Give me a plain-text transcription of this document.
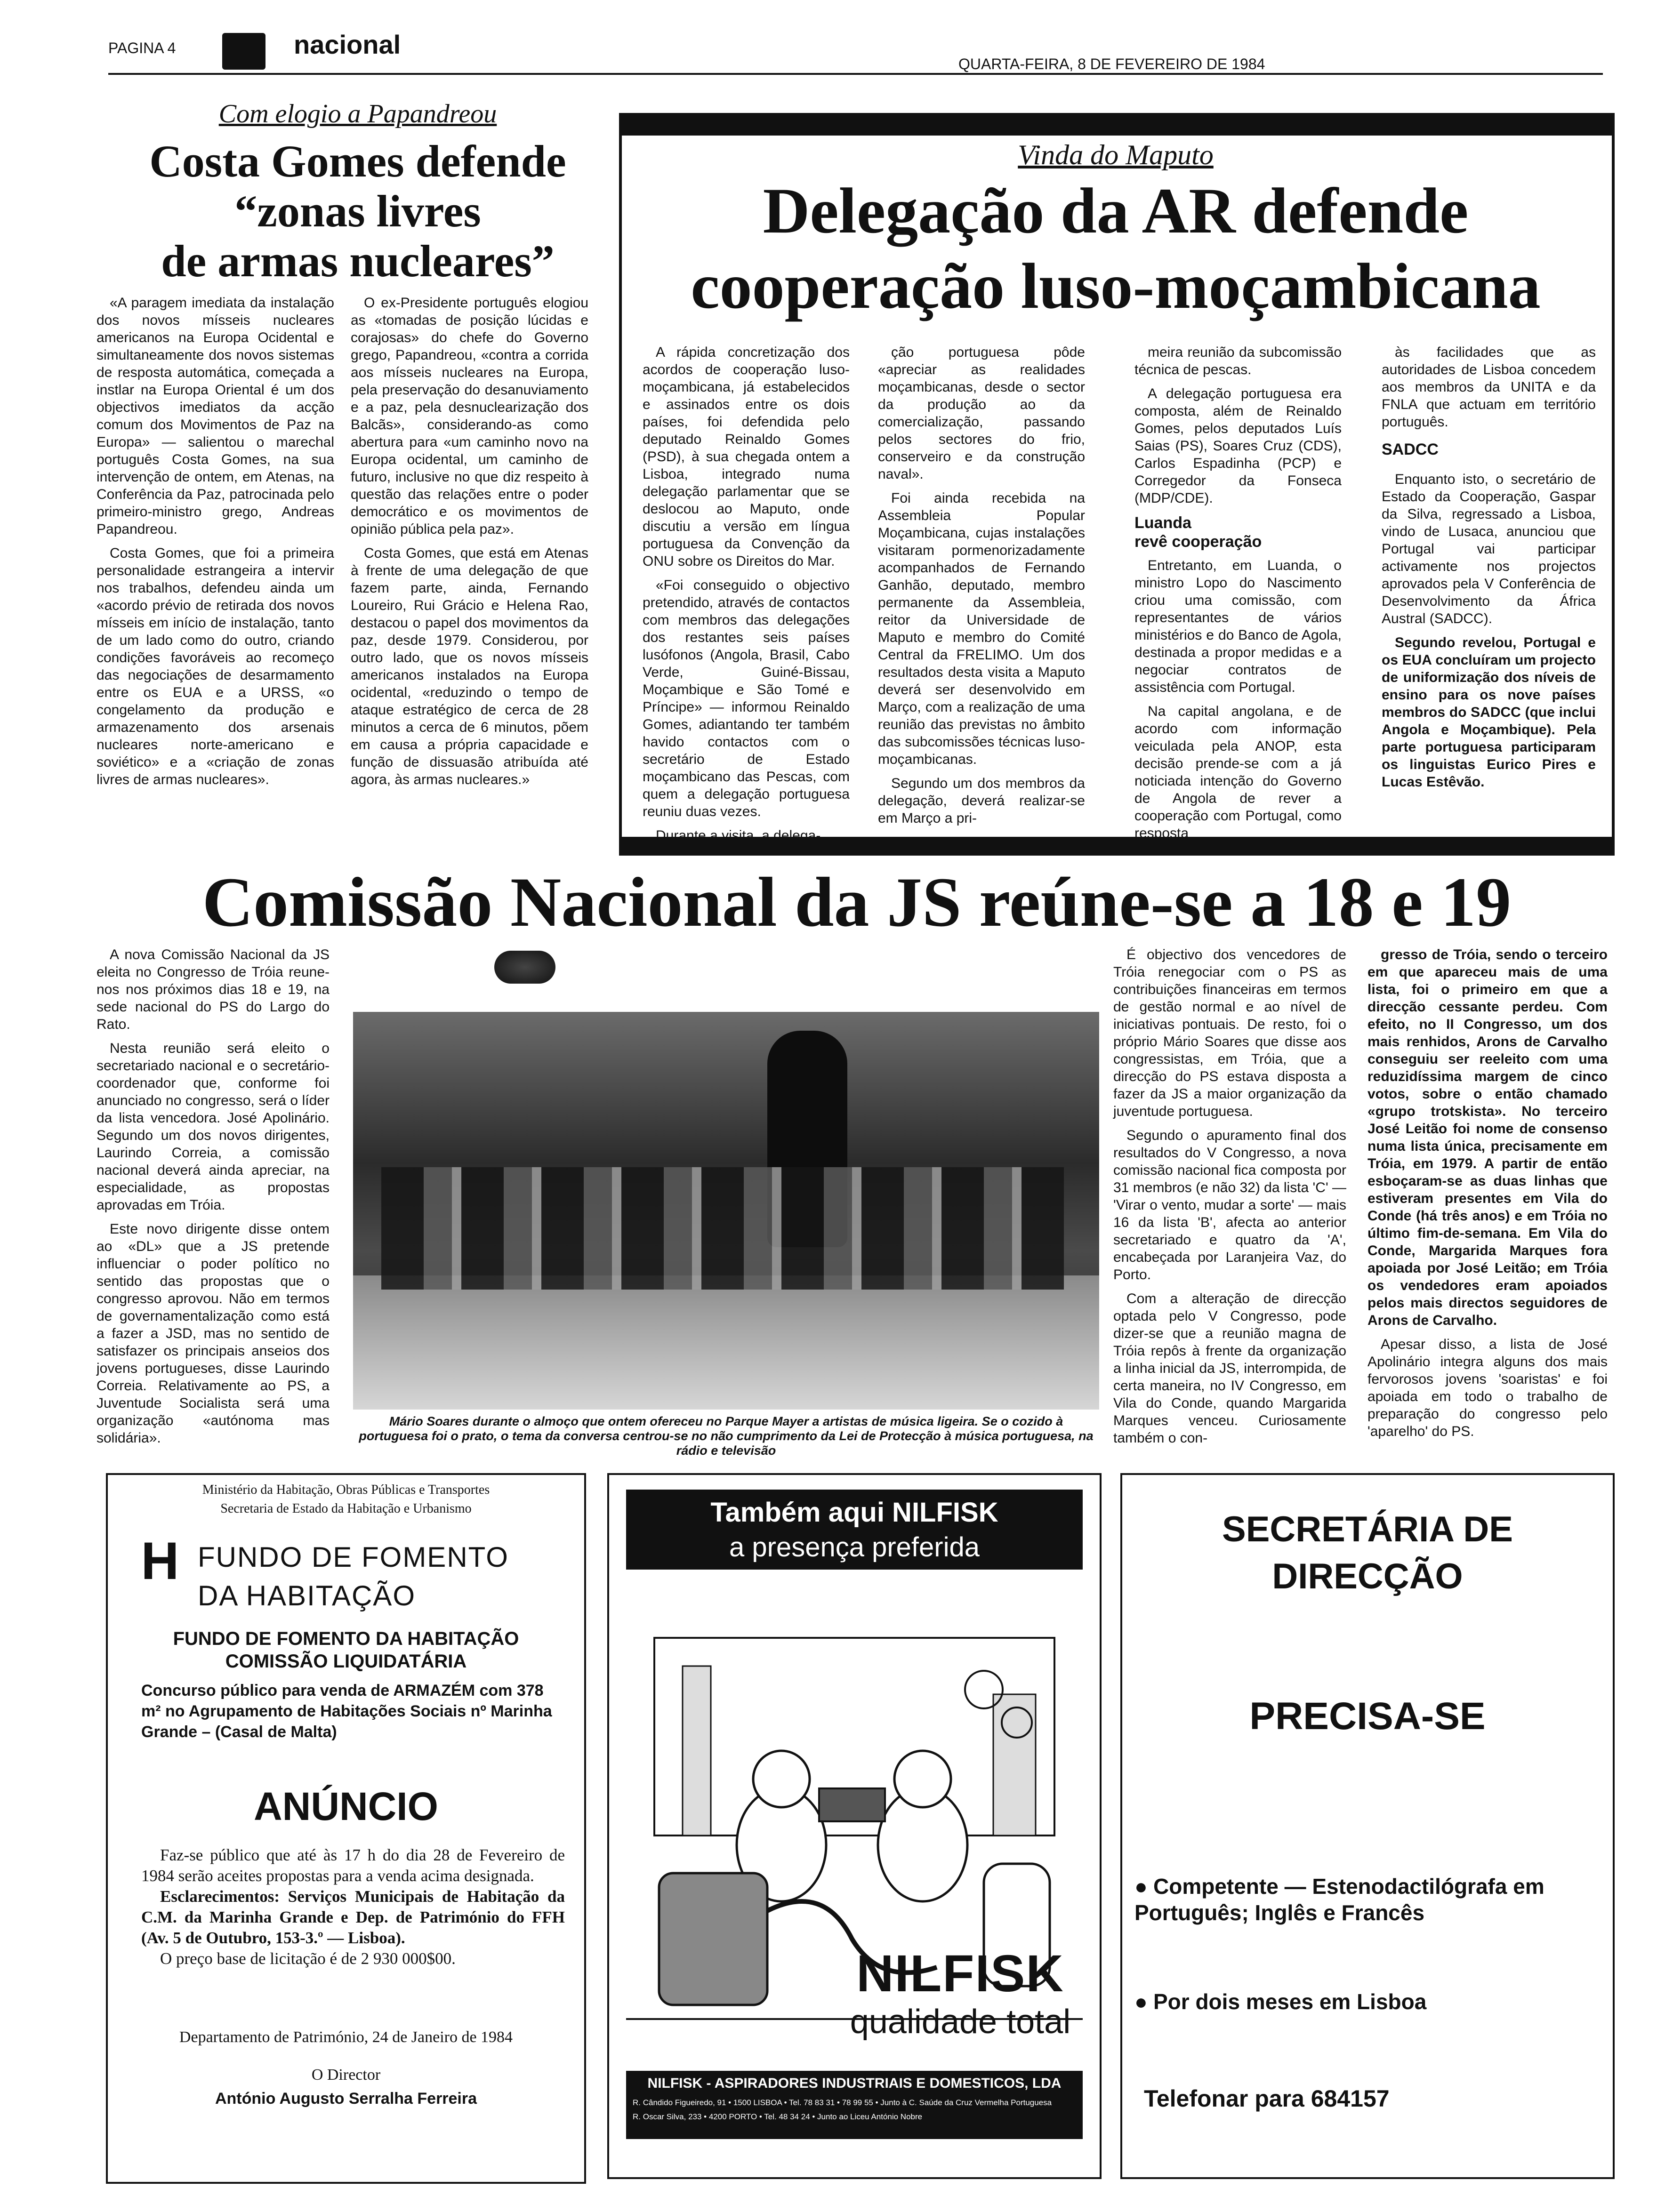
PAGINA 4	nacional
QUARTA-FEIRA, 8 DE FEVEREIRO DE 1984
Com elogio a Papandreou
Costa Gomes defende
“zonas livres
de armas nucleares”

«A paragem imediata da instalação dos novos mísseis nucleares americanos na Europa Ocidental e simultaneamente dos novos sistemas de resposta automática, começada a instlar na Europa Oriental é um dos objectivos imediatos da acção comum dos Movimentos de Paz na Europa» — salientou o marechal português Costa Gomes, na sua intervenção de ontem, em Atenas, na Conferência da Paz, patrocinada pelo primeiro-ministro grego, Andreas Papandreou.

Costa Gomes, que foi a primeira personalidade estrangeira a intervir nos trabalhos, defendeu ainda um «acordo prévio de retirada dos novos mísseis em início de instalação, tanto de um lado como do outro, criando condições favoráveis ao recomeço das negociações de desarmamento entre os EUA e a URSS, «o congelamento da produção e armazenamento dos arsenais nucleares norte-americano e soviético» e a «criação de zonas livres de armas nucleares».

O ex-Presidente português elogiou as «tomadas de posição lúcidas e corajosas» do chefe do Governo grego, Papandreou, «contra a corrida aos mísseis nucleares na Europa, pela preservação do desanuviamento e a paz, pela desnuclearização dos Balcãs», considerando-as como abertura para «um caminho novo na Europa ocidental, um caminho de futuro, inclusive no que diz respeito à questão das relações entre o poder democrático e os movimentos de opinião pública pela paz».

Costa Gomes, que está em Atenas à frente de uma delegação de que fazem parte, ainda, Fernando Loureiro, Rui Grácio e Helena Rao, destacou o papel dos movimentos da paz, desde 1979. Considerou, por outro lado, que os novos mísseis americanos instalados na Europa ocidental, «reduzindo o tempo de ataque estratégico de cerca de 28 minutos a cerca de 6 minutos, põem em causa a própria capacidade e função de dissuasão atribuída até agora, às armas nucleares.»

Vinda do Maputo
Delegação da AR defende
cooperação luso-moçambicana

A rápida concretização dos acordos de cooperação luso-moçambicana, já estabelecidos e assinados entre os dois países, foi defendida pelo deputado Reinaldo Gomes (PSD), à sua chegada ontem a Lisboa, integrado numa delegação parlamentar que se deslocou ao Maputo, onde discutiu a versão em língua portuguesa da Convenção da ONU sobre os Direitos do Mar.

«Foi conseguido o objectivo pretendido, através de contactos com membros das delegações dos restantes seis países lusófonos (Angola, Brasil, Cabo Verde, Guiné-Bissau, Moçambique e São Tomé e Príncipe» — informou Reinaldo Gomes, adiantando ter também havido contactos com o secretário de Estado moçambicano das Pescas, com quem a delegação portuguesa reuniu duas vezes.

Durante a visita, a delega-

ção portuguesa pôde «apreciar as realidades moçambicanas, desde o sector da produção ao da comercialização, passando pelos sectores do frio, conserveiro e da construção naval».

Foi ainda recebida na Assembleia Popular Moçambicana, cujas instalações visitaram pormenorizadamente acompanhados de Fernando Ganhão, deputado, membro permanente da Assembleia, reitor da Universidade de Maputo e membro do Comité Central da FRELIMO. Um dos resultados desta visita a Maputo deverá ser desenvolvido em Março, com a realização de uma reunião das previstas no âmbito das subcomissões técnicas luso-moçambicanas.

Segundo um dos membros da delegação, deverá realizar-se em Março a pri-

meira reunião da subcomissão técnica de pescas.

A delegação portuguesa era composta, além de Reinaldo Gomes, pelos deputados Luís Saias (PS), Soares Cruz (CDS), Carlos Espadinha (PCP) e Corregedor da Fonseca (MDP/CDE).

Luanda
revê cooperação

Entretanto, em Luanda, o ministro Lopo do Nascimento criou uma comissão, com representantes de vários ministérios e do Banco de Agola, destinada a propor medidas e a negociar contratos de assistência com Portugal.

Na capital angolana, e de acordo com informação veiculada pela ANOP, esta decisão prende-se com a já noticiada intenção do Governo de Angola de rever a cooperação com Portugal, como resposta

às facilidades que as autoridades de Lisboa concedem aos membros da UNITA e da FNLA que actuam em território português.

SADCC

Enquanto isto, o secretário de Estado da Cooperação, Gaspar da Silva, regressado a Lisboa, vindo de Lusaca, anunciou que Portugal vai participar activamente nos projectos aprovados pela V Conferência de Desenvolvimento da África Austral (SADCC).

Segundo revelou, Portugal e os EUA concluíram um projecto de uniformização dos níveis de ensino para os nove países membros do SADCC (que inclui Angola e Moçambique). Pela parte portuguesa participaram os linguistas Eurico Pires e Lucas Estêvão.

Comissão Nacional da JS reúne-se a 18 e 19

A nova Comissão Nacional da JS eleita no Congresso de Tróia reune-nos nos próximos dias 18 e 19, na sede nacional do PS do Largo do Rato.

Nesta reunião será eleito o secretariado nacional e o secretário-coordenador que, conforme foi anunciado no congresso, será o líder da lista vencedora. José Apolinário. Segundo um dos novos dirigentes, Laurindo Correia, a comissão nacional deverá ainda apreciar, na especialidade, as propostas aprovadas em Tróia.

Este novo dirigente disse ontem ao «DL» que a JS pretende influenciar o poder político no sentido das propostas que o congresso aprovou. Não em termos de governamentalização como está a fazer a JSD, mas no sentido de satisfazer os principais anseios dos jovens portugueses, disse Laurindo Correia. Relativamente ao PS, a Juventude Socialista será uma organização «autónoma mas solidária».

Mário Soares durante o almoço que ontem ofereceu no Parque Mayer a artistas de música ligeira. Se o cozido à portuguesa foi o prato, o tema da conversa centrou-se no não cumprimento da Lei de Protecção à música portuguesa, na rádio e televisão

É objectivo dos vencedores de Tróia renegociar com o PS as contribuições financeiras em termos de gestão normal e ao nível de iniciativas pontuais. De resto, foi o próprio Mário Soares que disse aos congressistas, em Tróia, que a direcção do PS estava disposta a fazer da JS a maior organização da juventude portuguesa.

Segundo o apuramento final dos resultados do V Congresso, a nova comissão nacional fica composta por 31 membros (e não 32) da lista 'C' — 'Virar o vento, mudar a sorte' — mais 16 da lista 'B', afecta ao anterior secretariado e quatro da 'A', encabeçada por Laranjeira Vaz, do Porto.

Com a alteração de direcção optada pelo V Congresso, pode dizer-se que a reunião magna de Tróia repôs à frente da organização a linha inicial da JS, interrompida, de certa maneira, no IV Congresso, em Vila do Conde, quando Margarida Marques venceu. Curiosamente também o con-

gresso de Tróia, sendo o terceiro em que apareceu mais de uma lista, foi o primeiro em que a direcção cessante perdeu. Com efeito, no II Congresso, um dos mais renhidos, Arons de Carvalho conseguiu ser reeleito com uma reduzidíssima margem de cinco votos, sobre o então chamado «grupo trotskista». No terceiro José Leitão foi nome de consenso numa lista única, precisamente em Tróia, em 1979. A partir de então esboçaram-se as duas linhas que estiveram presentes em Vila do Conde (há três anos) e em Tróia no último fim-de-semana. Em Vila do Conde, Margarida Marques fora apoiada por José Leitão; em Tróia os vendedores eram apoiados pelos mais directos seguidores de Arons de Carvalho.

Apesar disso, a lista de José Apolinário integra alguns dos mais fervorosos jovens 'soaristas' e foi apoiada em todo o trabalho de preparação do congresso pelo 'aparelho' do PS.

Ministério da Habitação, Obras Públicas e Transportes
Secretaria de Estado da Habitação e Urbanismo
H FUNDO DE FOMENTO
DA HABITAÇÃO
FUNDO DE FOMENTO DA HABITAÇÃO
COMISSÃO LIQUIDATÁRIA
Concurso público para venda de ARMAZÉM com 378 m² no Agrupamento de Habitações Sociais nº Marinha Grande – (Casal de Malta)
ANÚNCIO
Faz-se público que até às 17 h do dia 28 de Fevereiro de 1984 serão aceites propostas para a venda acima designada.
Esclarecimentos: Serviços Municipais de Habitação da C.M. da Marinha Grande e Dep. de Património do FFH (Av. 5 de Outubro, 153-3.º — Lisboa).
O preço base de licitação é de 2 930 000$00.
Departamento de Património, 24 de Janeiro de 1984
O Director
António Augusto Serralha Ferreira
Também aqui NILFISK
a presença preferida
NILFISK
qualidade total
NILFISK - ASPIRADORES INDUSTRIAIS E DOMESTICOS, LDA
R. Cândido Figueiredo, 91 • 1500 LISBOA • Tel. 78 83 31 • 78 99 55 • Junto à C. Saúde da Cruz Vermelha Portuguesa
R. Oscar Silva, 233 • 4200 PORTO • Tel. 48 34 24 • Junto ao Liceu António Nobre
SECRETÁRIA DE
DIRECÇÃO
PRECISA-SE
● Competente — Estenodactilógrafa em Português; Inglês e Francês
● Por dois meses em Lisboa
Telefonar para 684157
